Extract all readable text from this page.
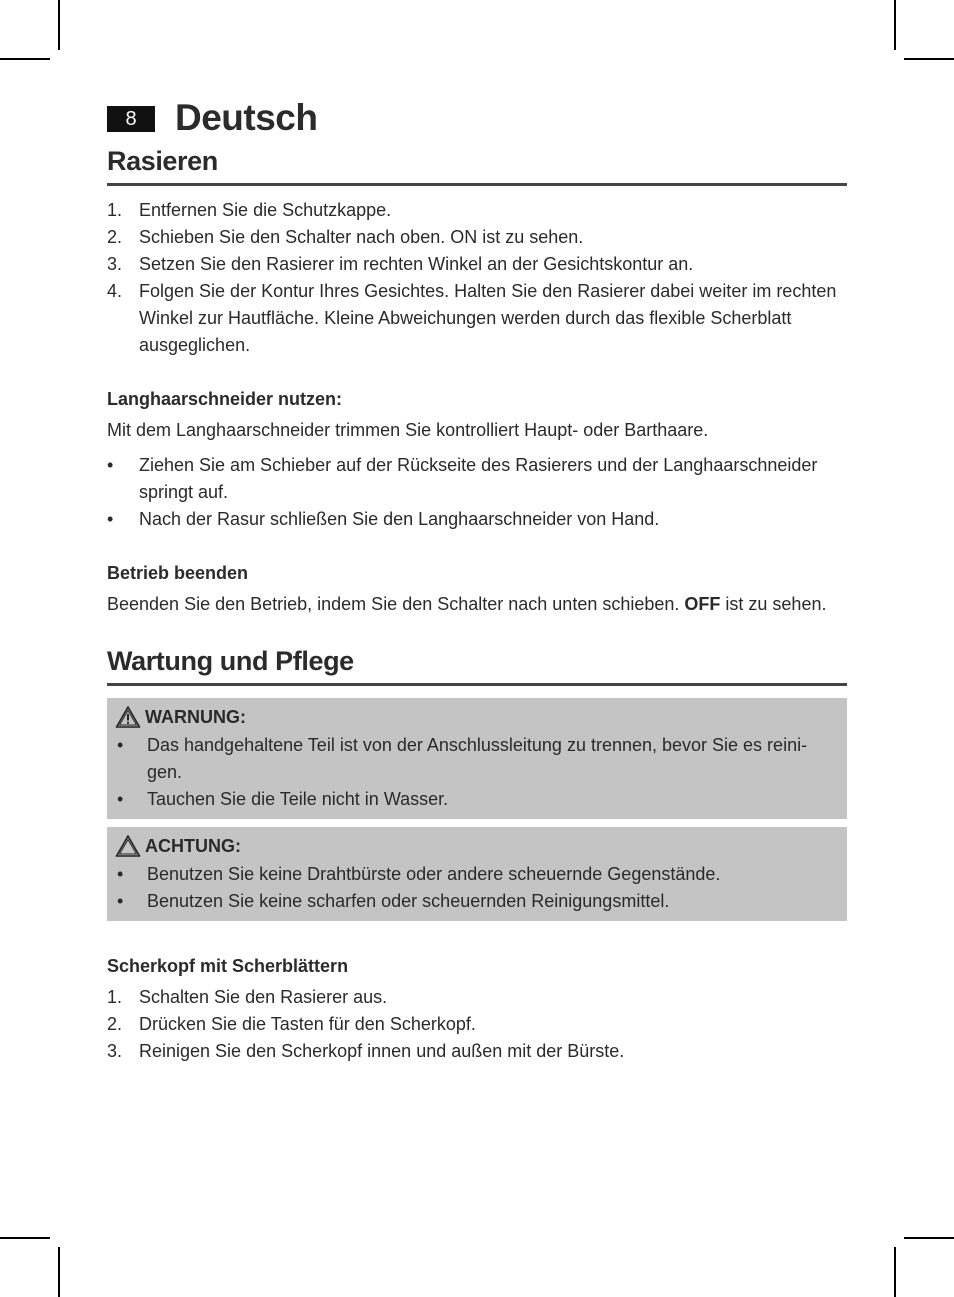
8	Deutsch
Rasieren
1. Entfernen Sie die Schutzkappe.
2. Schieben Sie den Schalter nach oben. ON ist zu sehen.
3. Setzen Sie den Rasierer im rechten Winkel an der Gesichtskontur an.
4. Folgen Sie der Kontur Ihres Gesichtes. Halten Sie den Rasierer dabei weiter im rechten Winkel zur Hautfläche. Kleine Abweichungen werden durch das flexible Scherblatt ausgeglichen.
Langhaarschneider nutzen:
Mit dem Langhaarschneider trimmen Sie kontrolliert Haupt- oder Barthaare.
• Ziehen Sie am Schieber auf der Rückseite des Rasierers und der Langhaarschneider springt auf.
• Nach der Rasur schließen Sie den Langhaarschneider von Hand.
Betrieb beenden
Beenden Sie den Betrieb, indem Sie den Schalter nach unten schieben. OFF ist zu sehen.
Wartung und Pflege
WARNUNG:
• Das handgehaltene Teil ist von der Anschlussleitung zu trennen, bevor Sie es reini-gen.
• Tauchen Sie die Teile nicht in Wasser.
ACHTUNG:
• Benutzen Sie keine Drahtbürste oder andere scheuernde Gegenstände.
• Benutzen Sie keine scharfen oder scheuernden Reinigungsmittel.
Scherkopf mit Scherblättern
1. Schalten Sie den Rasierer aus.
2. Drücken Sie die Tasten für den Scherkopf.
3. Reinigen Sie den Scherkopf innen und außen mit der Bürste.
